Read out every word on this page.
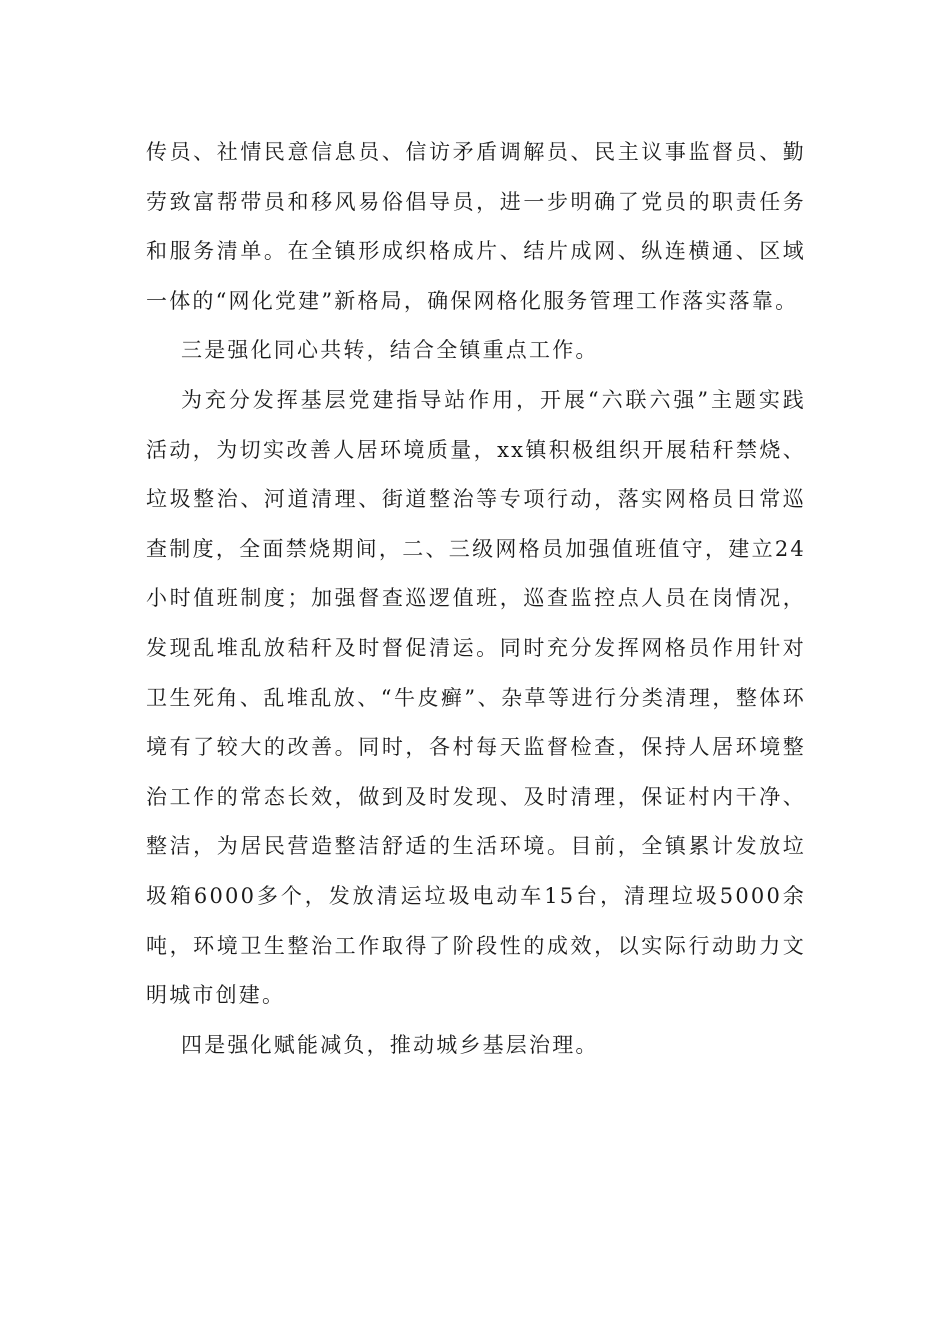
传员、社情民意信息员、信访矛盾调解员、民主议事监督员、勤劳致富帮带员和移风易俗倡导员，进一步明确了党员的职责任务和服务清单。在全镇形成织格成片、结片成网、纵连横通、区域一体的“网化党建”新格局，确保网格化服务管理工作落实落靠。

三是强化同心共转，结合全镇重点工作。

为充分发挥基层党建指导站作用，开展“六联六强”主题实践活动，为切实改善人居环境质量，xx镇积极组织开展秸秆禁烧、垃圾整治、河道清理、街道整治等专项行动，落实网格员日常巡查制度，全面禁烧期间，二、三级网格员加强值班值守，建立24小时值班制度；加强督查巡逻值班，巡查监控点人员在岗情况，发现乱堆乱放秸秆及时督促清运。同时充分发挥网格员作用针对卫生死角、乱堆乱放、“牛皮癣”、杂草等进行分类清理，整体环境有了较大的改善。同时，各村每天监督检查，保持人居环境整治工作的常态长效，做到及时发现、及时清理，保证村内干净、整洁，为居民营造整洁舒适的生活环境。目前，全镇累计发放垃圾箱6000多个，发放清运垃圾电动车15台，清理垃圾5000余吨，环境卫生整治工作取得了阶段性的成效，以实际行动助力文明城市创建。

四是强化赋能减负，推动城乡基层治理。
